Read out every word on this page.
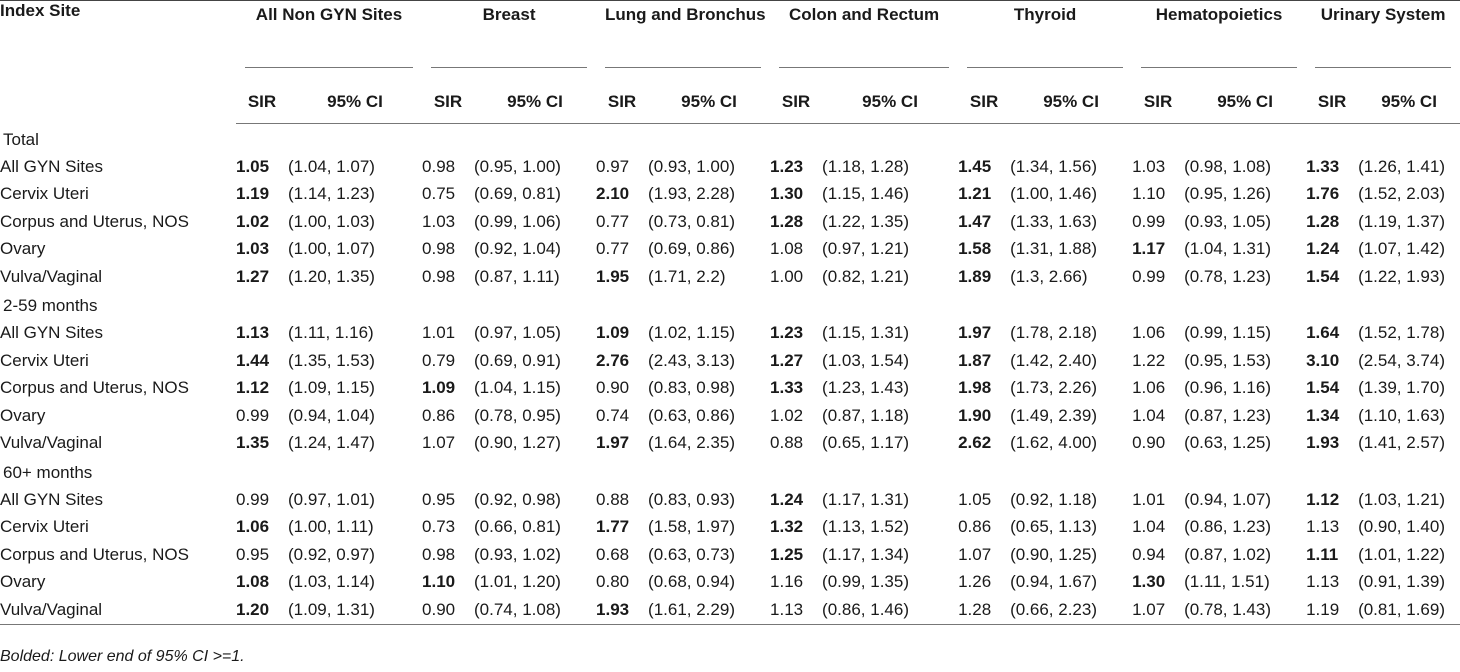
Index Site	All Non GYN Sites		Breast		Lung and Bronchus		Colon and Rectum		Thyroid		Hematopoietics		Urinary System	

	SIR	95% CI	SIR	95% CI	SIR	95% CI	SIR	95% CI	SIR	95% CI	SIR	95% CI	SIR	95% CI
Total														
All GYN Sites	1.05	(1.04, 1.07)	0.98	(0.95, 1.00)	0.97	(0.93, 1.00)	1.23	(1.18, 1.28)	1.45	(1.34, 1.56)	1.03	(0.98, 1.08)	1.33	(1.26, 1.41)
Cervix Uteri	1.19	(1.14, 1.23)	0.75	(0.69, 0.81)	2.10	(1.93, 2.28)	1.30	(1.15, 1.46)	1.21	(1.00, 1.46)	1.10	(0.95, 1.26)	1.76	(1.52, 2.03)
Corpus and Uterus, NOS	1.02	(1.00, 1.03)	1.03	(0.99, 1.06)	0.77	(0.73, 0.81)	1.28	(1.22, 1.35)	1.47	(1.33, 1.63)	0.99	(0.93, 1.05)	1.28	(1.19, 1.37)
Ovary	1.03	(1.00, 1.07)	0.98	(0.92, 1.04)	0.77	(0.69, 0.86)	1.08	(0.97, 1.21)	1.58	(1.31, 1.88)	1.17	(1.04, 1.31)	1.24	(1.07, 1.42)
Vulva/Vaginal	1.27	(1.20, 1.35)	0.98	(0.87, 1.11)	1.95	(1.71, 2.2)	1.00	(0.82, 1.21)	1.89	(1.3, 2.66)	0.99	(0.78, 1.23)	1.54	(1.22, 1.93)
2-59 months														
All GYN Sites	1.13	(1.11, 1.16)	1.01	(0.97, 1.05)	1.09	(1.02, 1.15)	1.23	(1.15, 1.31)	1.97	(1.78, 2.18)	1.06	(0.99, 1.15)	1.64	(1.52, 1.78)
Cervix Uteri	1.44	(1.35, 1.53)	0.79	(0.69, 0.91)	2.76	(2.43, 3.13)	1.27	(1.03, 1.54)	1.87	(1.42, 2.40)	1.22	(0.95, 1.53)	3.10	(2.54, 3.74)
Corpus and Uterus, NOS	1.12	(1.09, 1.15)	1.09	(1.04, 1.15)	0.90	(0.83, 0.98)	1.33	(1.23, 1.43)	1.98	(1.73, 2.26)	1.06	(0.96, 1.16)	1.54	(1.39, 1.70)
Ovary	0.99	(0.94, 1.04)	0.86	(0.78, 0.95)	0.74	(0.63, 0.86)	1.02	(0.87, 1.18)	1.90	(1.49, 2.39)	1.04	(0.87, 1.23)	1.34	(1.10, 1.63)
Vulva/Vaginal	1.35	(1.24, 1.47)	1.07	(0.90, 1.27)	1.97	(1.64, 2.35)	0.88	(0.65, 1.17)	2.62	(1.62, 4.00)	0.90	(0.63, 1.25)	1.93	(1.41, 2.57)
60+ months														
All GYN Sites	0.99	(0.97, 1.01)	0.95	(0.92, 0.98)	0.88	(0.83, 0.93)	1.24	(1.17, 1.31)	1.05	(0.92, 1.18)	1.01	(0.94, 1.07)	1.12	(1.03, 1.21)
Cervix Uteri	1.06	(1.00, 1.11)	0.73	(0.66, 0.81)	1.77	(1.58, 1.97)	1.32	(1.13, 1.52)	0.86	(0.65, 1.13)	1.04	(0.86, 1.23)	1.13	(0.90, 1.40)
Corpus and Uterus, NOS	0.95	(0.92, 0.97)	0.98	(0.93, 1.02)	0.68	(0.63, 0.73)	1.25	(1.17, 1.34)	1.07	(0.90, 1.25)	0.94	(0.87, 1.02)	1.11	(1.01, 1.22)
Ovary	1.08	(1.03, 1.14)	1.10	(1.01, 1.20)	0.80	(0.68, 0.94)	1.16	(0.99, 1.35)	1.26	(0.94, 1.67)	1.30	(1.11, 1.51)	1.13	(0.91, 1.39)
Vulva/Vaginal	1.20	(1.09, 1.31)	0.90	(0.74, 1.08)	1.93	(1.61, 2.29)	1.13	(0.86, 1.46)	1.28	(0.66, 2.23)	1.07	(0.78, 1.43)	1.19	(0.81, 1.69)
Bolded: Lower end of 95% CI >=1.
